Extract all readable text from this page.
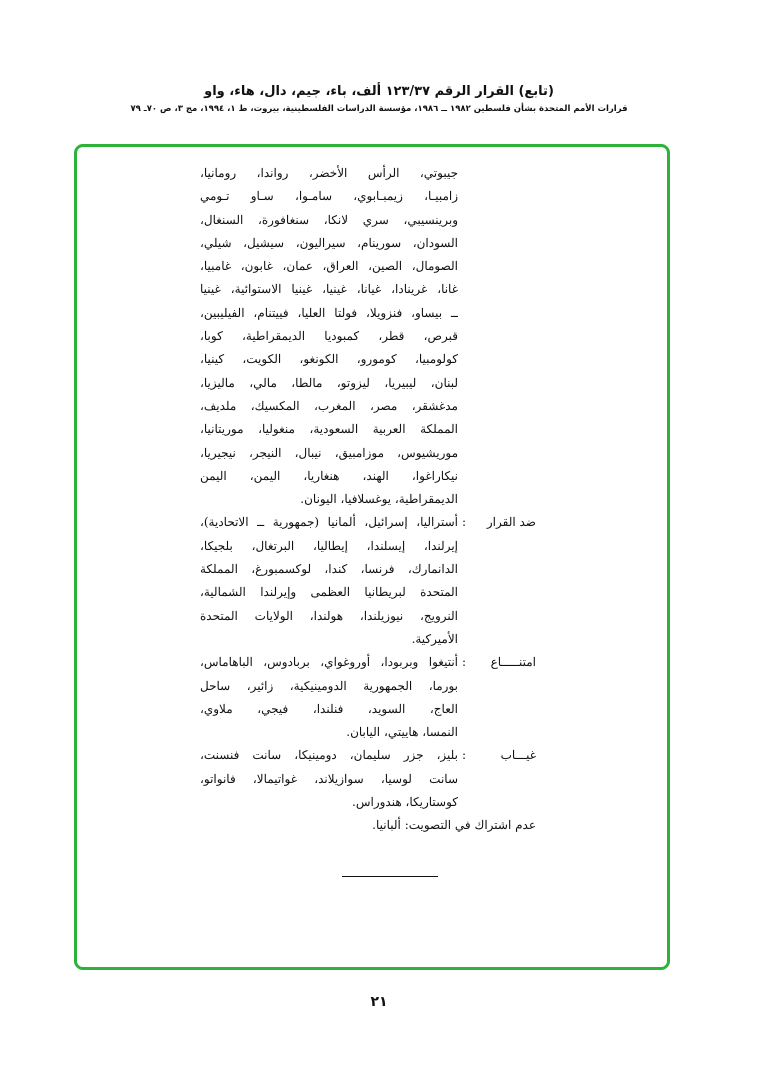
(تابع) القرار الرقم ١٢٣/٣٧ ألف، باء، جيم، دال، هاء، واو
قرارات الأمم المتحدة بشأن فلسطين ١٩٨٢ ــ ١٩٨٦، مؤسسة الدراسات الفلسطينية، بيروت، ط ١، ١٩٩٤، مج ٣، ص ٧٠ـ ٧٩
جيبوتي، الرأس الأخضر، رواندا، رومانيا،
زامبيـا، زيمبـابوي، سامـوا، سـاو تـومي
وبرينسيبي، سري لانكا، سنغافورة، السنغال،
السودان، سورينام، سيراليون، سيشيل، شيلي،
الصومال، الصين، العراق، عمان، غابون، غامبيا،
غانا، غرينادا، غيانا، غينيا، غينيا الاستوائية، غينيا
ــ بيساو، فنزويلا، فولتا العليا، فييتنام، الفيليبين،
قبرص، قطر، كمبوديا الديمقراطية، كوبا،
كولومبيا، كومورو، الكونغو، الكويت، كينيا،
لبنان، ليبيريا، ليزوتو، مالطا، مالي، ماليزيا،
مدغشقر، مصر، المغرب، المكسيك، ملديف،
المملكة العربية السعودية، منغوليا، موريتانيا،
موريشيوس، موزامبيق، نيبال، النيجر، نيجيريا،
نيكاراغوا، الهند، هنغاريا، اليمن، اليمن
الديمقراطية، يوغسلافيا، اليونان.
ضد القرار
:
أستراليا، إسرائيل، ألمانيا (جمهورية ــ الاتحادية)،
إيرلندا، إيسلندا، إيطاليا، البرتغال، بلجيكا،
الدانمارك، فرنسا، كندا، لوكسمبورغ، المملكة
المتحدة لبريطانيا العظمى وإيرلندا الشمالية،
النرويج، نيوزيلندا، هولندا، الولايات المتحدة
الأميركية.
امتنـــــاع
:
أنتيغوا وبربودا، أوروغواي، بربادوس، الباهاماس،
بورما، الجمهورية الدومينيكية، زائير، ساحل
العاج، السويد، فنلندا، فيجي، ملاوي،
النمسا، هاييتي، اليابان.
غيـــاب
:
بليز، جزر سليمان، دومينيكا، سانت فنسنت،
سانت لوسيا، سوازيلاند، غواتيمالا، فانواتو،
كوستاريكا، هندوراس.
عدم اشتراك في التصويت: ألبانيا.
٢١
